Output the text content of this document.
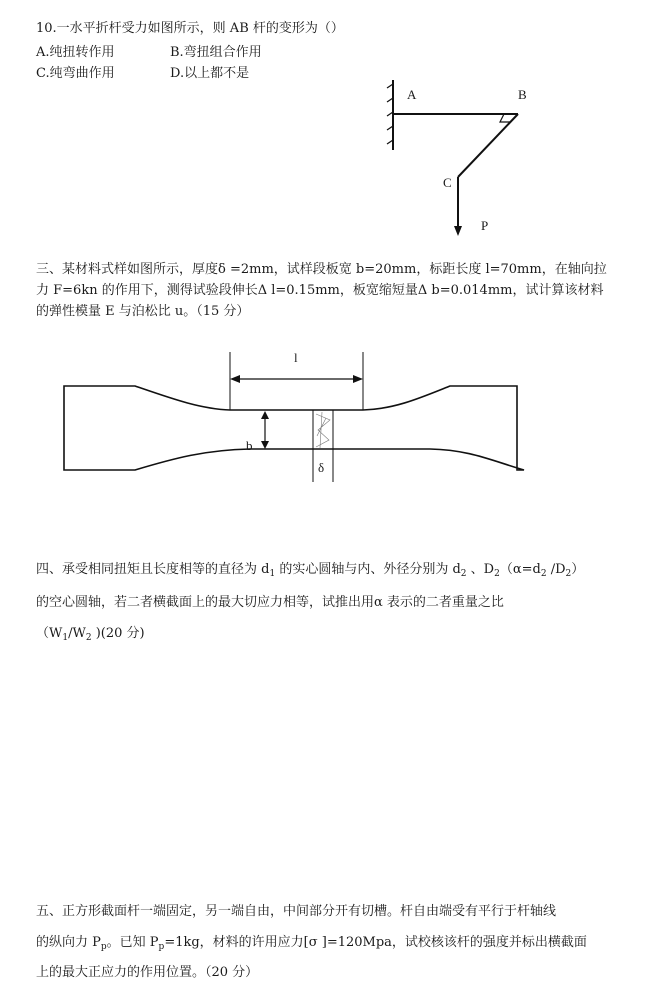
10.一水平折杆受力如图所示，则 AB 杆的变形为（）
A.纯扭转作用	B.弯扭组合作用
C.纯弯曲作用	D.以上都不是
A	B
C
P
三、某材料式样如图所示，厚度δ =2mm，试样段板宽 b=20mm，标距长度 l=70mm，在轴向拉
力 F=6kn 的作用下，测得试验段伸长Δ l=0.15mm，板宽缩短量Δ b=0.014mm，试计算该材料
的弹性模量 E 与泊松比 u。（15 分）
l
b
δ
四、承受相同扭矩且长度相等的直径为 $d_1$ 的实心圆轴与内、外径分别为 $d_2$ 、$D_2(\alpha=d_2$ $/D_2$）
的空心圆轴，若二者横截面上的最大切应力相等，试推出用α 表示的二者重量之比
（$W_1/W_2$ )(20 分)
五、正方形截面杆一端固定，另一端自由，中间部分开有切槽。杆自由端受有平行于杆轴线
的纵向力 $P_p$。已知 $P_p=1kg$，材料的许用应力[σ ]=120Mpa，试校核该杆的强度并标出横截面
上的最大正应力的作用位置。（20 分）
